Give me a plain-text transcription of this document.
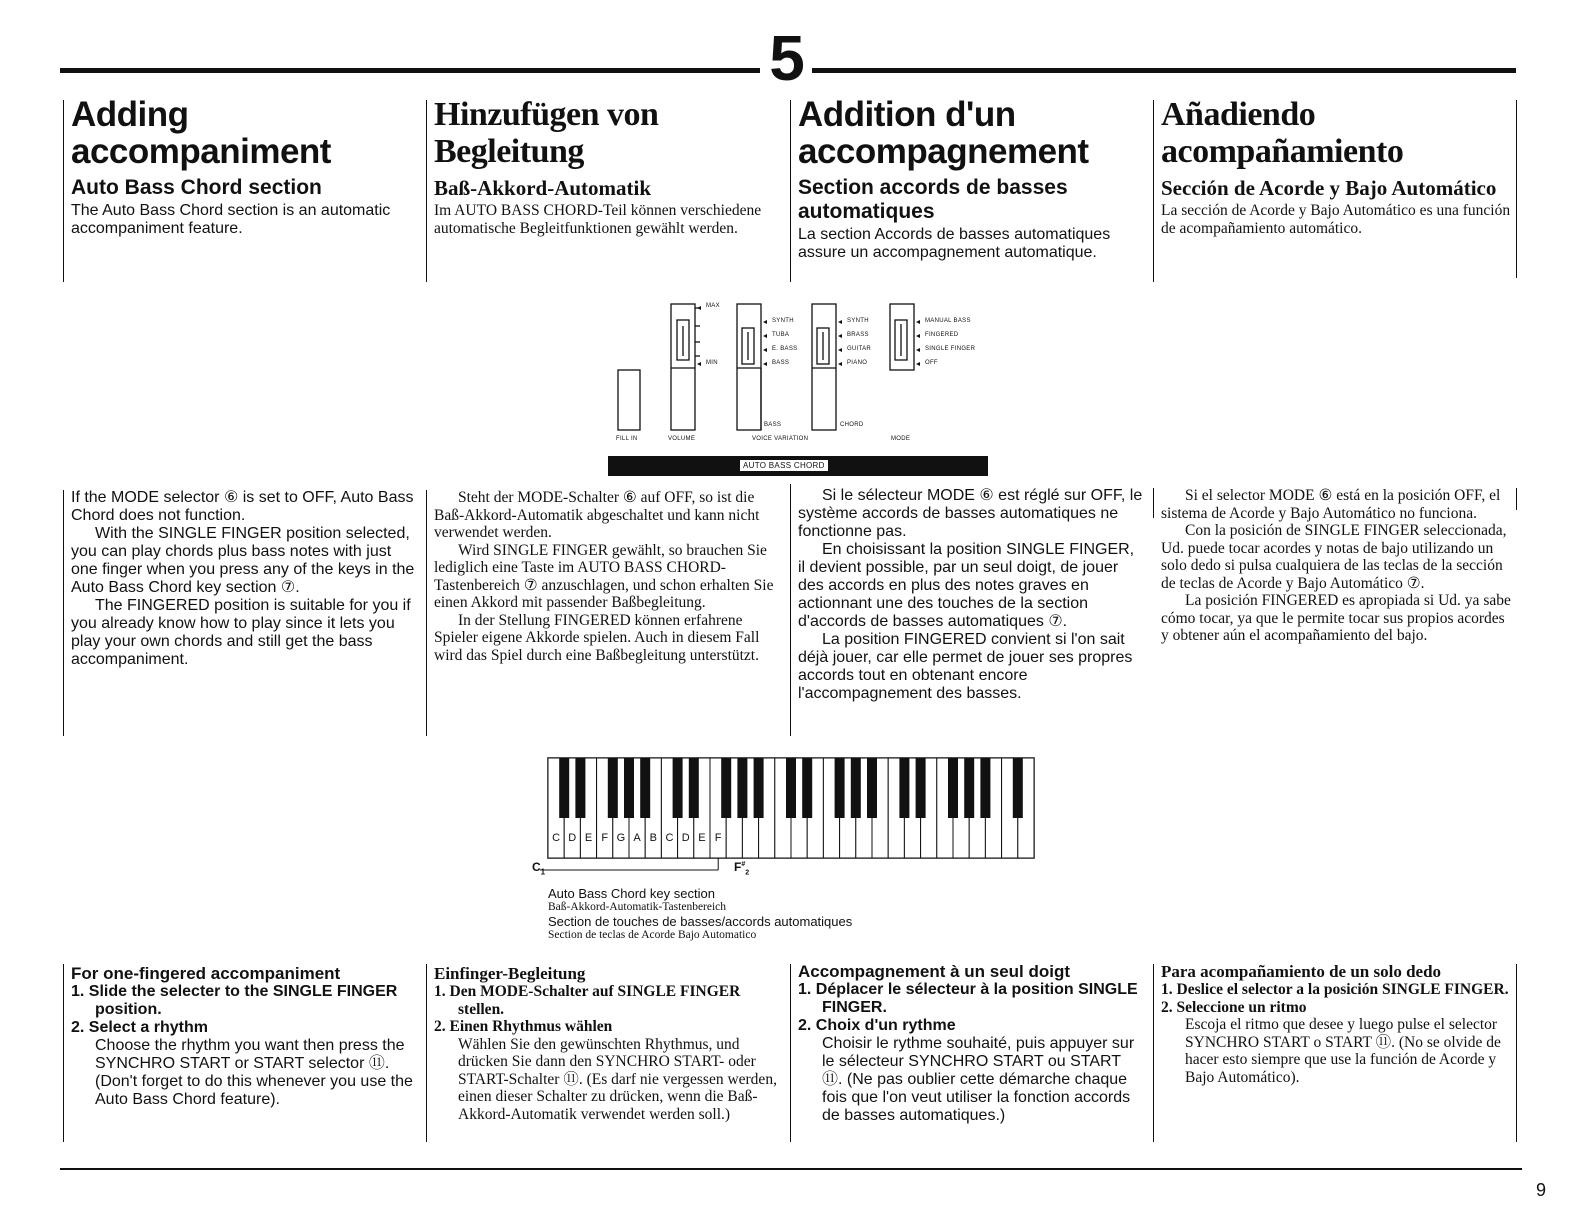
5
Adding accompaniment
Auto Bass Chord section
The Auto Bass Chord section is an automatic accompaniment feature.
Hinzufügen von Begleitung
Baß-Akkord-Automatik
Im AUTO BASS CHORD-Teil können verschiedene automatische Begleitfunktionen gewählt werden.
Addition d'un accompagnement
Section accords de basses automatiques
La section Accords de basses automatiques assure un accompagnement automatique.
Añadiendo acompañamiento
Sección de Acorde y Bajo Automático
La sección de Acorde y Bajo Automático es una función de acompañamiento automático.
MAX
MIN
SYNTH
TUBA
E. BASS
BASS
SYNTH
BRASS
GUITAR
PIANO
MANUAL BASS
FINGERED
SINGLE FINGER
OFF
BASS	CHORD
FILL IN	VOLUME	VOICE VARIATION	MODE
AUTO BASS CHORD

If the MODE selector ⑥ is set to OFF, Auto Bass Chord does not function.

With the SINGLE FINGER position selected, you can play chords plus bass notes with just one finger when you press any of the keys in the Auto Bass Chord key section ⑦.

The FINGERED position is suitable for you if you already know how to play since it lets you play your own chords and still get the bass accompaniment.

Steht der MODE-Schalter ⑥ auf OFF, so ist die Baß-Akkord-Automatik abgeschaltet und kann nicht verwendet werden.

Wird SINGLE FINGER gewählt, so brauchen Sie lediglich eine Taste im AUTO BASS CHORD-Tastenbereich ⑦ anzuschlagen, und schon erhalten Sie einen Akkord mit passender Baßbegleitung.

In der Stellung FINGERED können erfahrene Spieler eigene Akkorde spielen. Auch in diesem Fall wird das Spiel durch eine Baßbegleitung unterstützt.

Si le sélecteur MODE ⑥ est réglé sur OFF, le système accords de basses automatiques ne fonctionne pas.

En choisissant la position SINGLE FINGER, il devient possible, par un seul doigt, de jouer des accords en plus des notes graves en actionnant une des touches de la section d'accords de basses automatiques ⑦.

La position FINGERED convient si l'on sait déjà jouer, car elle permet de jouer ses propres accords tout en obtenant encore l'accompagnement des basses.

Si el selector MODE ⑥ está en la posición OFF, el sistema de Acorde y Bajo Automático no funciona.

Con la posición de SINGLE FINGER seleccionada, Ud. puede tocar acordes y notas de bajo utilizando un solo dedo si pulsa cualquiera de las teclas de la sección de teclas de Acorde y Bajo Automático ⑦.

La posición FINGERED es apropiada si Ud. ya sabe cómo tocar, ya que le permite tocar sus propios acordes y obtener aún el acompañamiento del bajo.

C D E F G A B C D E F
$C_1$	$F^{\#}_2$

Auto Bass Chord key section

Baß-Akkord-Automatik-Tastenbereich

Section de touches de basses/accords automatiques

Section de teclas de Acorde Bajo Automatico

For one-fingered accompaniment

1. Slide the selecter to the SINGLE FINGER position.

2. Select a rhythm

Choose the rhythm you want then press the SYNCHRO START or START selector ⑪. (Don't forget to do this whenever you use the Auto Bass Chord feature).

Einfinger-Begleitung

1. Den MODE-Schalter auf SINGLE FINGER stellen.

2. Einen Rhythmus wählen

Wählen Sie den gewünschten Rhythmus, und drücken Sie dann den SYNCHRO START- oder START-Schalter ⑪. (Es darf nie vergessen werden, einen dieser Schalter zu drücken, wenn die Baß-Akkord-Automatik verwendet werden soll.)

Accompagnement à un seul doigt

1. Déplacer le sélecteur à la position SINGLE FINGER.

2. Choix d'un rythme

Choisir le rythme souhaité, puis appuyer sur le sélecteur SYNCHRO START ou START ⑪. (Ne pas oublier cette démarche chaque fois que l'on veut utiliser la fonction accords de basses automatiques.)

Para acompañamiento de un solo dedo

1. Deslice el selector a la posición SINGLE FINGER.

2. Seleccione un ritmo

Escoja el ritmo que desee y luego pulse el selector SYNCHRO START o START ⑪. (No se olvide de hacer esto siempre que use la función de Acorde y Bajo Automático).

9
